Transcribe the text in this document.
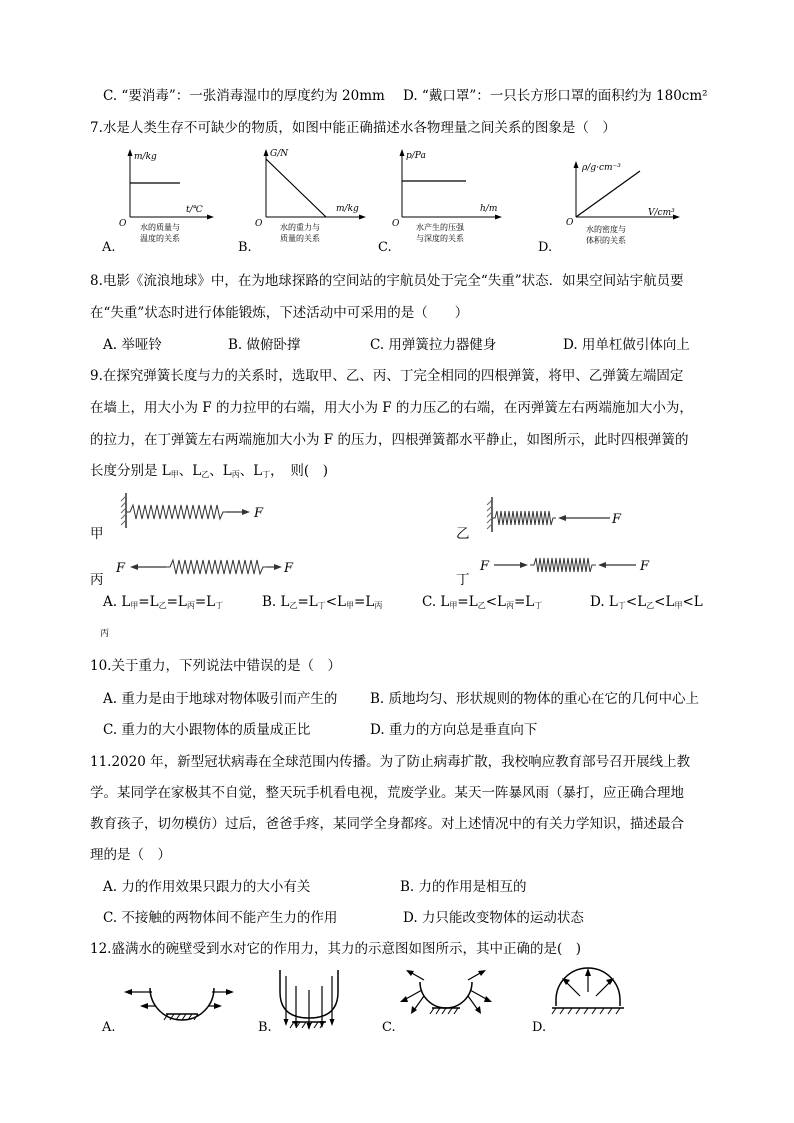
C. “要消毒”：一张消毒湿巾的厚度约为 20mm D. “戴口罩”：一只长方形口罩的面积约为 180cm²
7.水是人类生存不可缺少的物质，如图中能正确描述水各物理量之间关系的图象是（　）
m/kg
t/℃
O 水的质量与
温度的关系
A.
G/N
m/kg
O 水的重力与
质量的关系
B.
p/Pa
h/m
O 水产生的压强
与深度的关系
C.
ρ/g·cm⁻³
V/cm³
O
水的密度与
体积的关系
D.
8.电影《流浪地球》中，在为地球探路的空间站的宇航员处于完全“失重”状态．如果空间站宇航员要
在“失重”状态时进行体能锻炼，下述活动中可采用的是（　　）
A. 举哑铃	B. 做俯卧撑	C. 用弹簧拉力器健身	D. 用单杠做引体向上
9.在探究弹簧长度与力的关系时，选取甲、乙、丙、丁完全相同的四根弹簧，将甲、乙弹簧左端固定
在墙上，用大小为 F 的力拉甲的右端，用大小为 F 的力压乙的右端，在丙弹簧左右两端施加大小为，
的拉力，在丁弹簧左右两端施加大小为 F 的压力，四根弹簧都水平静止，如图所示，此时四根弹簧的
长度分别是 $L_甲$、$L_乙$、$L_丙$、$L_丁$，　则(　)
甲
F
乙
F
丙
F	F
丁
F	F
A. $L_甲=L_乙=L_丙=L_丁$	B. $L_乙=L_丁<L_甲=L_丙$	C. $L_甲=L_乙<L_丙=L_丁$	D. $L_丁<L_乙<L_甲<L$
丙
10.关于重力，下列说法中错误的是（　）
A. 重力是由于地球对物体吸引而产生的 B. 质地均匀、形状规则的物体的重心在它的几何中心上
C. 重力的大小跟物体的质量成正比	D. 重力的方向总是垂直向下
11.2020 年，新型冠状病毒在全球范围内传播。为了防止病毒扩散，我校响应教育部号召开展线上教
学。某同学在家极其不自觉，整天玩手机看电视，荒废学业。某天一阵暴风雨（暴打，应正确合理地
教育孩子，切勿模仿）过后，爸爸手疼，某同学全身都疼。对上述情况中的有关力学知识，描述最合
理的是（　）
A. 力的作用效果只跟力的大小有关	B. 力的作用是相互的
C. 不接触的两物体间不能产生力的作用	D. 力只能改变物体的运动状态
12.盛满水的碗壁受到水对它的作用力，其力的示意图如图所示，其中正确的是(　)
A.	B.	C.	D.
